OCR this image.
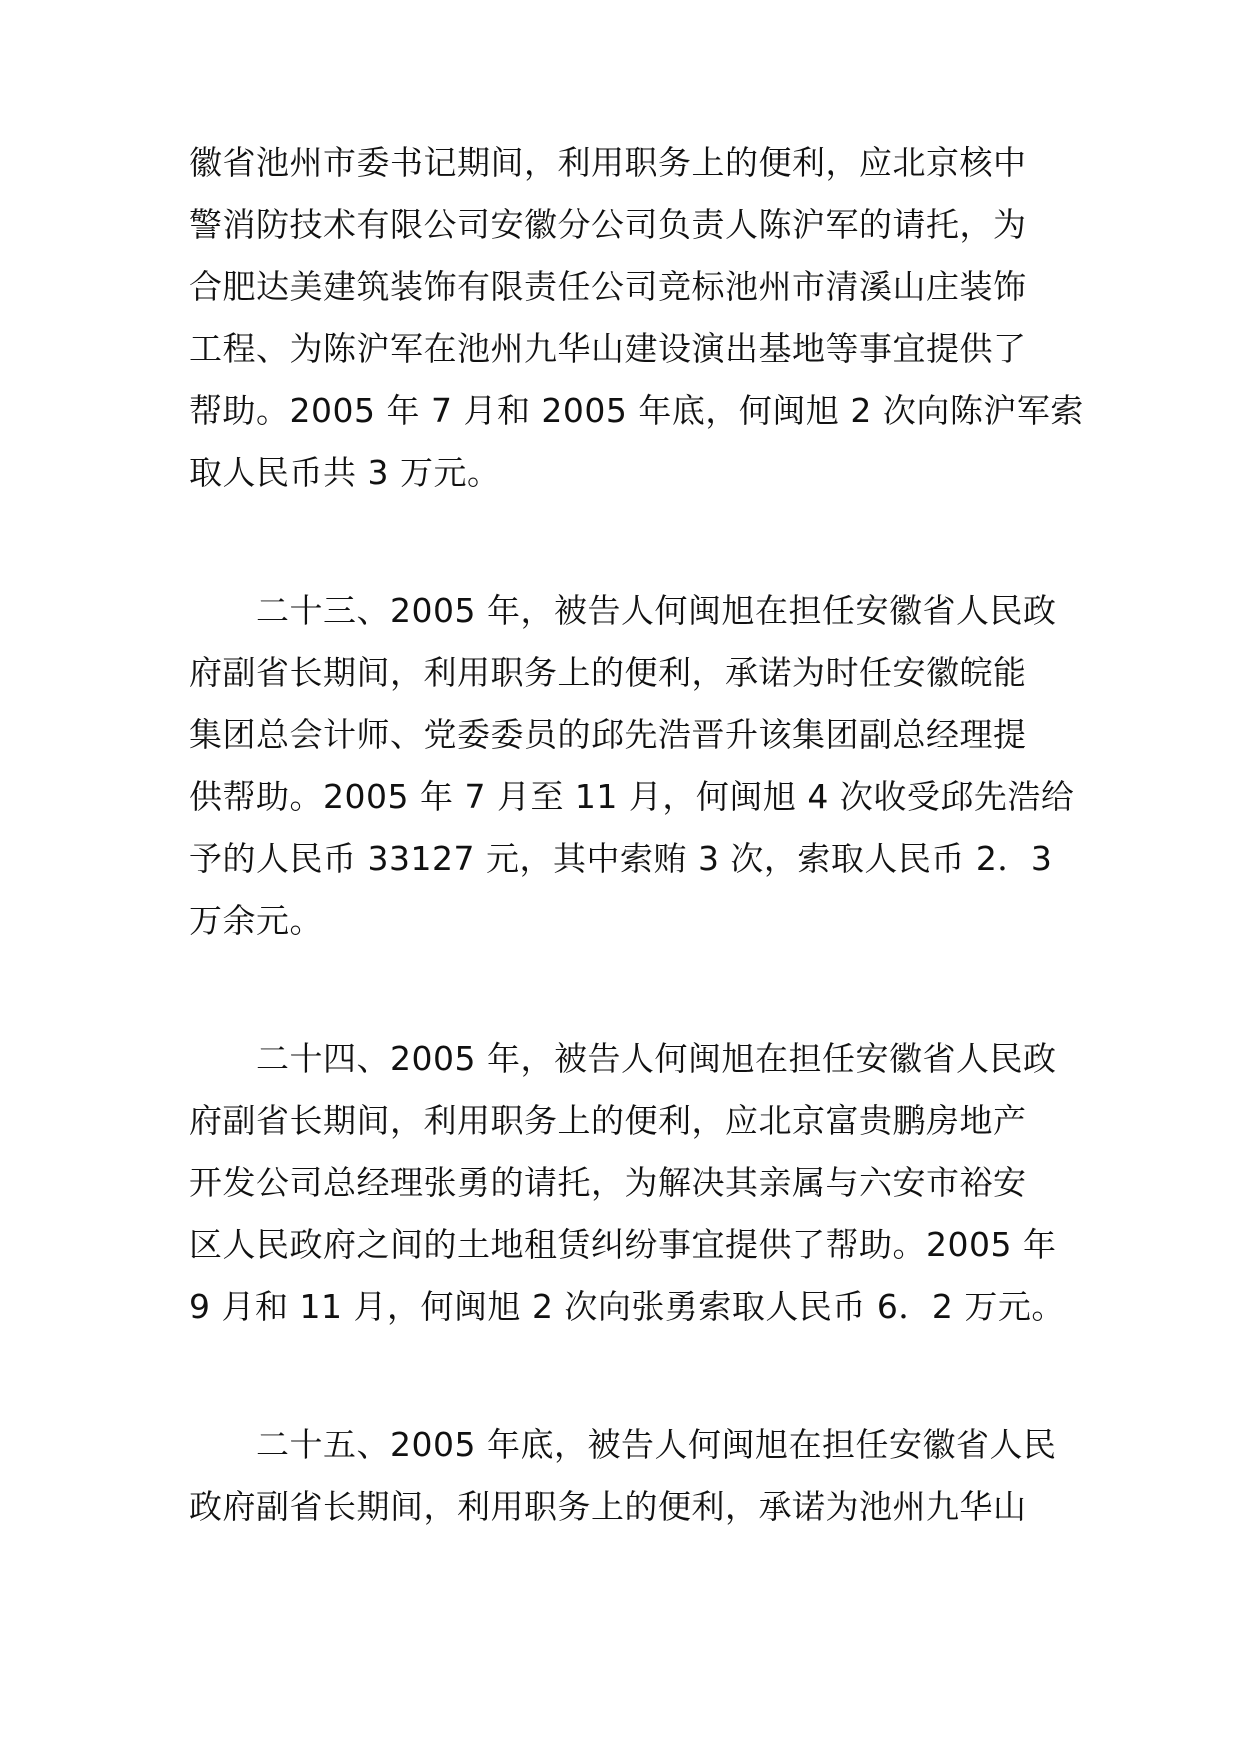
徽省池州市委书记期间，利用职务上的便利，应北京核中
警消防技术有限公司安徽分公司负责人陈沪军的请托，为
合肥达美建筑装饰有限责任公司竞标池州市清溪山庄装饰
工程、为陈沪军在池州九华山建设演出基地等事宜提供了
帮助。2005 年 7 月和 2005 年底，何闽旭 2 次向陈沪军索
取人民币共 3 万元。
二十三、2005 年，被告人何闽旭在担任安徽省人民政
府副省长期间，利用职务上的便利，承诺为时任安徽皖能
集团总会计师、党委委员的邱先浩晋升该集团副总经理提
供帮助。2005 年 7 月至 11 月，何闽旭 4 次收受邱先浩给
予的人民币 33127 元，其中索贿 3 次，索取人民币 2．3
万余元。
二十四、2005 年，被告人何闽旭在担任安徽省人民政
府副省长期间，利用职务上的便利，应北京富贵鹏房地产
开发公司总经理张勇的请托，为解决其亲属与六安市裕安
区人民政府之间的土地租赁纠纷事宜提供了帮助。2005 年
9 月和 11 月，何闽旭 2 次向张勇索取人民币 6．2 万元。
二十五、2005 年底，被告人何闽旭在担任安徽省人民
政府副省长期间，利用职务上的便利，承诺为池州九华山
